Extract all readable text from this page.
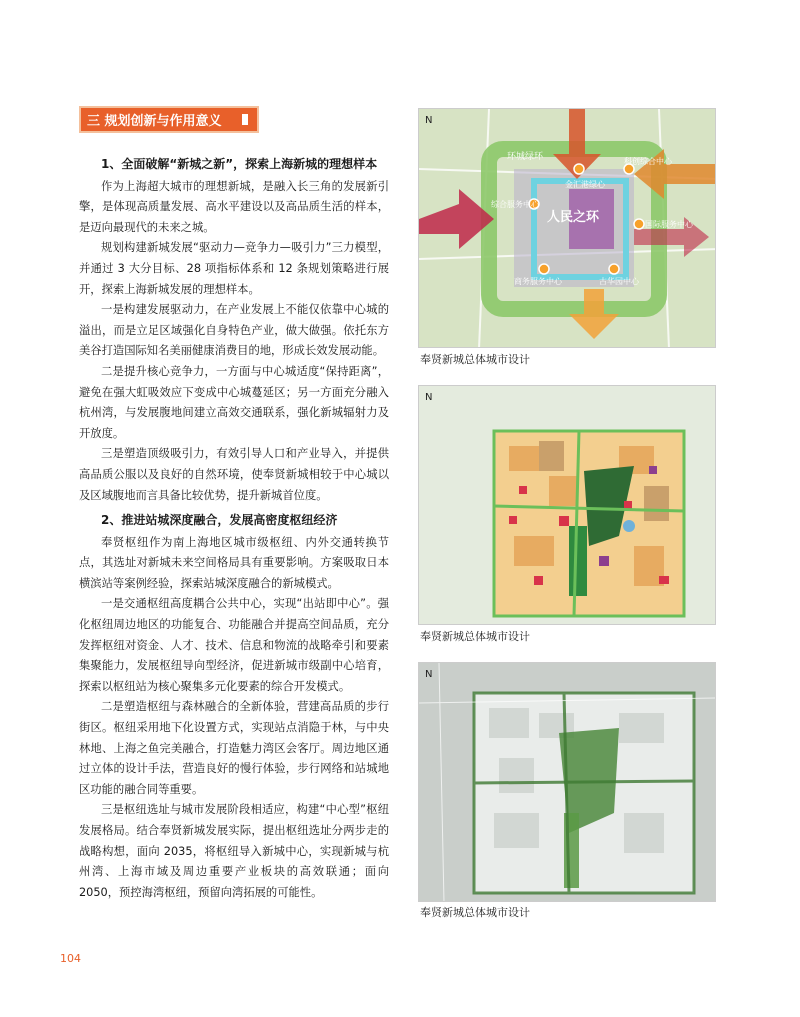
三 规划创新与作用意义

1、全面破解“新城之新”，探索上海新城的理想样本

作为上海超大城市的理想新城，是融入长三角的发展新引擎，是体现高质量发展、高水平建设以及高品质生活的样本，是迈向最现代的未来之城。

规划构建新城发展“驱动力—竞争力—吸引力”三力模型，并通过 3 大分目标、28 项指标体系和 12 条规划策略进行展开，探索上海新城发展的理想样本。

一是构建发展驱动力，在产业发展上不能仅依靠中心城的溢出，而是立足区域强化自身特色产业，做大做强。依托东方美谷打造国际知名美丽健康消费目的地，形成长效发展动能。

二是提升核心竞争力，一方面与中心城适度“保持距离”，避免在强大虹吸效应下变成中心城蔓延区；另一方面充分融入杭州湾，与发展腹地间建立高效交通联系，强化新城辐射力及开放度。

三是塑造顶级吸引力，有效引导人口和产业导入，并提供高品质公服以及良好的自然环境，使奉贤新城相较于中心城以及区域腹地而言具备比较优势，提升新城首位度。

2、推进站城深度融合，发展高密度枢纽经济

奉贤枢纽作为南上海地区城市级枢纽、内外交通转换节点，其选址对新城未来空间格局具有重要影响。方案吸取日本横滨站等案例经验，探索站城深度融合的新城模式。

一是交通枢纽高度耦合公共中心，实现“出站即中心”。强化枢纽周边地区的功能复合、功能融合并提高空间品质，充分发挥枢纽对资金、人才、技术、信息和物流的战略牵引和要素集聚能力，发展枢纽导向型经济，促进新城市级副中心培育，探索以枢纽站为核心聚集多元化要素的综合开发模式。

二是塑造枢纽与森林融合的全新体验，营建高品质的步行街区。枢纽采用地下化设置方式，实现站点消隐于林，与中央林地、上海之鱼完美融合，打造魅力湾区会客厅。周边地区通过立体的设计手法，营造良好的慢行体验，步行网络和站城地区功能的融合同等重要。

三是枢纽选址与城市发展阶段相适应，构建“中心型”枢纽发展格局。结合奉贤新城发展实际，提出枢纽选址分两步走的战略构想，面向 2035，将枢纽导入新城中心，实现新城与杭州湾、上海市域及周边重要产业板块的高效联通；面向 2050，预控海湾枢纽，预留向湾拓展的可能性。

人民之环
环城绿环	科创综合中心
金汇港绿心
国际服务中心
综合服务中心
商务服务中心	古华园中心
N
奉贤新城总体城市设计
N
奉贤新城总体城市设计
N
奉贤新城总体城市设计
104
